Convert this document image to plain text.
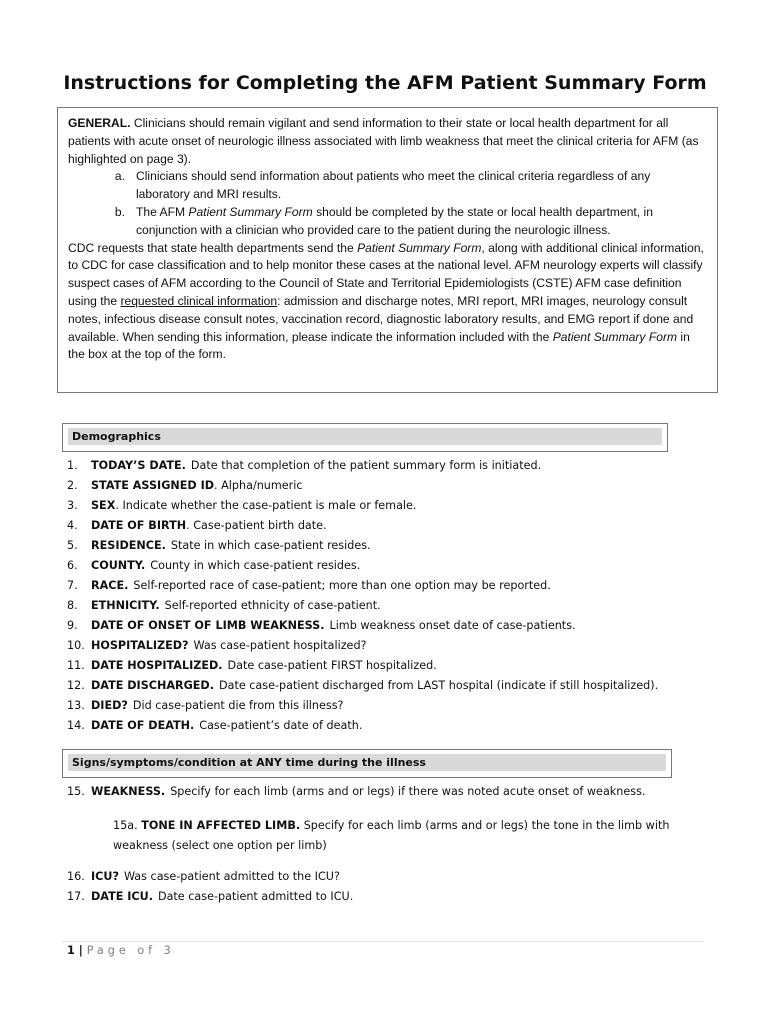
Instructions for Completing the AFM Patient Summary Form

GENERAL. Clinicians should remain vigilant and send information to their state or local health department for all patients with acute onset of neurologic illness associated with limb weakness that meet the clinical criteria for AFM (as highlighted on page 3).

a. Clinicians should send information about patients who meet the clinical criteria regardless of any laboratory and MRI results.
b. The AFM Patient Summary Form should be completed by the state or local health department, in conjunction with a clinician who provided care to the patient during the neurologic illness.

CDC requests that state health departments send the Patient Summary Form, along with additional clinical information, to CDC for case classification and to help monitor these cases at the national level. AFM neurology experts will classify suspect cases of AFM according to the Council of State and Territorial Epidemiologists (CSTE) AFM case definition using the requested clinical information: admission and discharge notes, MRI report, MRI images, neurology consult notes, infectious disease consult notes, vaccination record, diagnostic laboratory results, and EMG report if done and available. When sending this information, please indicate the information included with the Patient Summary Form in the box at the top of the form.

Demographics
1.	TODAY’S DATE. Date that completion of the patient summary form is initiated.
2.	STATE ASSIGNED ID . Alpha/numeric
3.	SEX . Indicate whether the case-patient is male or female.
4.	DATE OF BIRTH . Case-patient birth date.
5.	RESIDENCE. State in which case-patient resides.
6.	COUNTY. County in which case-patient resides.
7.	RACE. Self-reported race of case-patient; more than one option may be reported.
8.	ETHNICITY. Self-reported ethnicity of case-patient.
9.	DATE OF ONSET OF LIMB WEAKNESS. Limb weakness onset date of case-patients.
10. HOSPITALIZED? Was case-patient hospitalized?
11. DATE HOSPITALIZED. Date case-patient FIRST hospitalized.
12. DATE DISCHARGED. Date case-patient discharged from LAST hospital (indicate if still hospitalized).
13. DIED? Did case-patient die from this illness?
14. DATE OF DEATH. Case-patient’s date of death.
Signs/symptoms/condition at ANY time during the illness
15. WEAKNESS. Specify for each limb (arms and or legs) if there was noted acute onset of weakness.
15a. TONE IN AFFECTED LIMB. Specify for each limb (arms and or legs) the tone in the limb with weakness (select one option per limb)
16. ICU? Was case-patient admitted to the ICU?
17. DATE ICU. Date case-patient admitted to ICU.
1 | Page of 3
